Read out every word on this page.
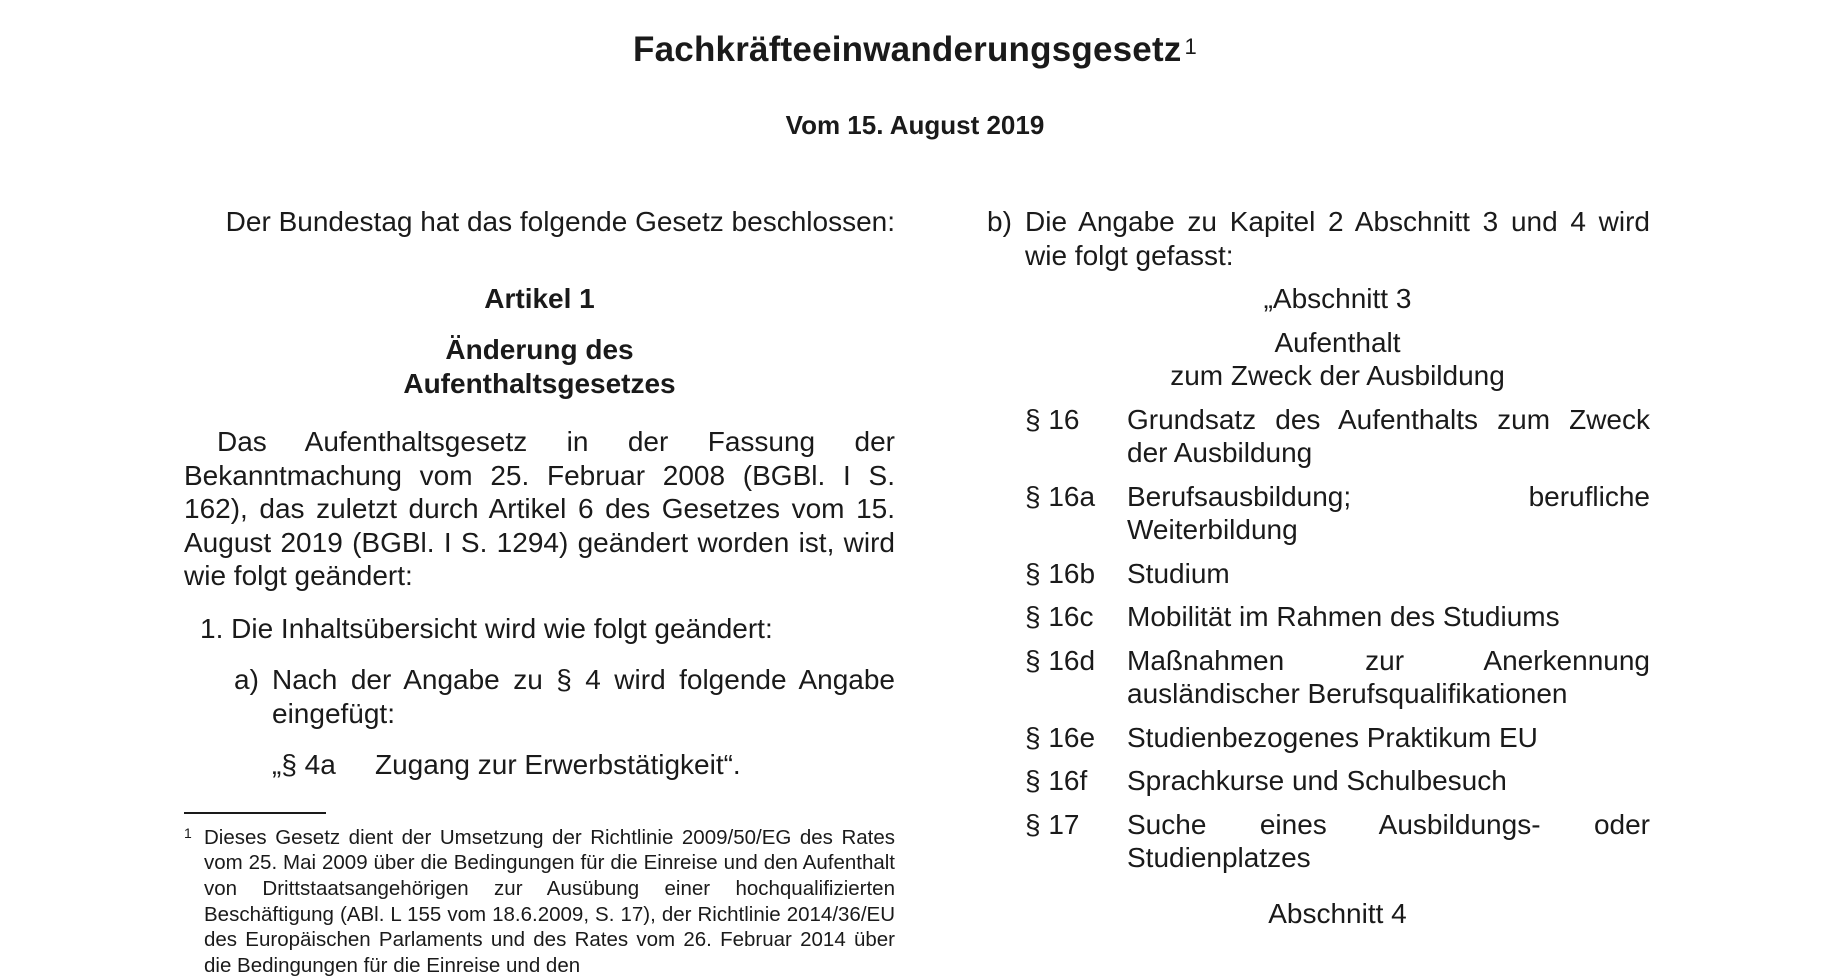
Fachkräfteeinwanderungsgesetz $^1$
Vom 15. August 2019
Der Bundestag hat das folgende Gesetz beschlossen:
Artikel 1
Änderung des
Aufenthaltsgesetzes
Das Aufenthaltsgesetz in der Fassung der Bekanntmachung vom 25. Februar 2008 (BGBl. I S. 162), das zuletzt durch Artikel 6 des Gesetzes vom 15. August 2019 (BGBl. I S. 1294) geändert worden ist, wird wie folgt geändert:
1. Die Inhaltsübersicht wird wie folgt geändert:
a) Nach der Angabe zu § 4 wird folgende Angabe eingefügt:
„§ 4a Zugang zur Erwerbstätigkeit“.
1 Dieses Gesetz dient der Umsetzung der Richtlinie 2009/50/EG des Rates vom 25. Mai 2009 über die Bedingungen für die Einreise und den Aufenthalt von Drittstaatsangehörigen zur Ausübung einer hochqualifizierten Beschäftigung (ABl. L 155 vom 18.6.2009, S. 17), der Richtlinie 2014/36/EU des Europäischen Parlaments und des Rates vom 26. Februar 2014 über die Bedingungen für die Einreise und den
b) Die Angabe zu Kapitel 2 Abschnitt 3 und 4 wird wie folgt gefasst:
„Abschnitt 3
Aufenthalt
zum Zweck der Ausbildung
§ 16	Grundsatz des Aufenthalts zum Zweck der Ausbildung
§ 16a	Berufsausbildung; berufliche Weiterbildung
§ 16b	Studium
§ 16c	Mobilität im Rahmen des Studiums
§ 16d	Maßnahmen zur Anerkennung ausländischer Berufsqualifikationen
§ 16e	Studienbezogenes Praktikum EU
§ 16f	Sprachkurse und Schulbesuch
§ 17	Suche eines Ausbildungs- oder Studienplatzes
Abschnitt 4
